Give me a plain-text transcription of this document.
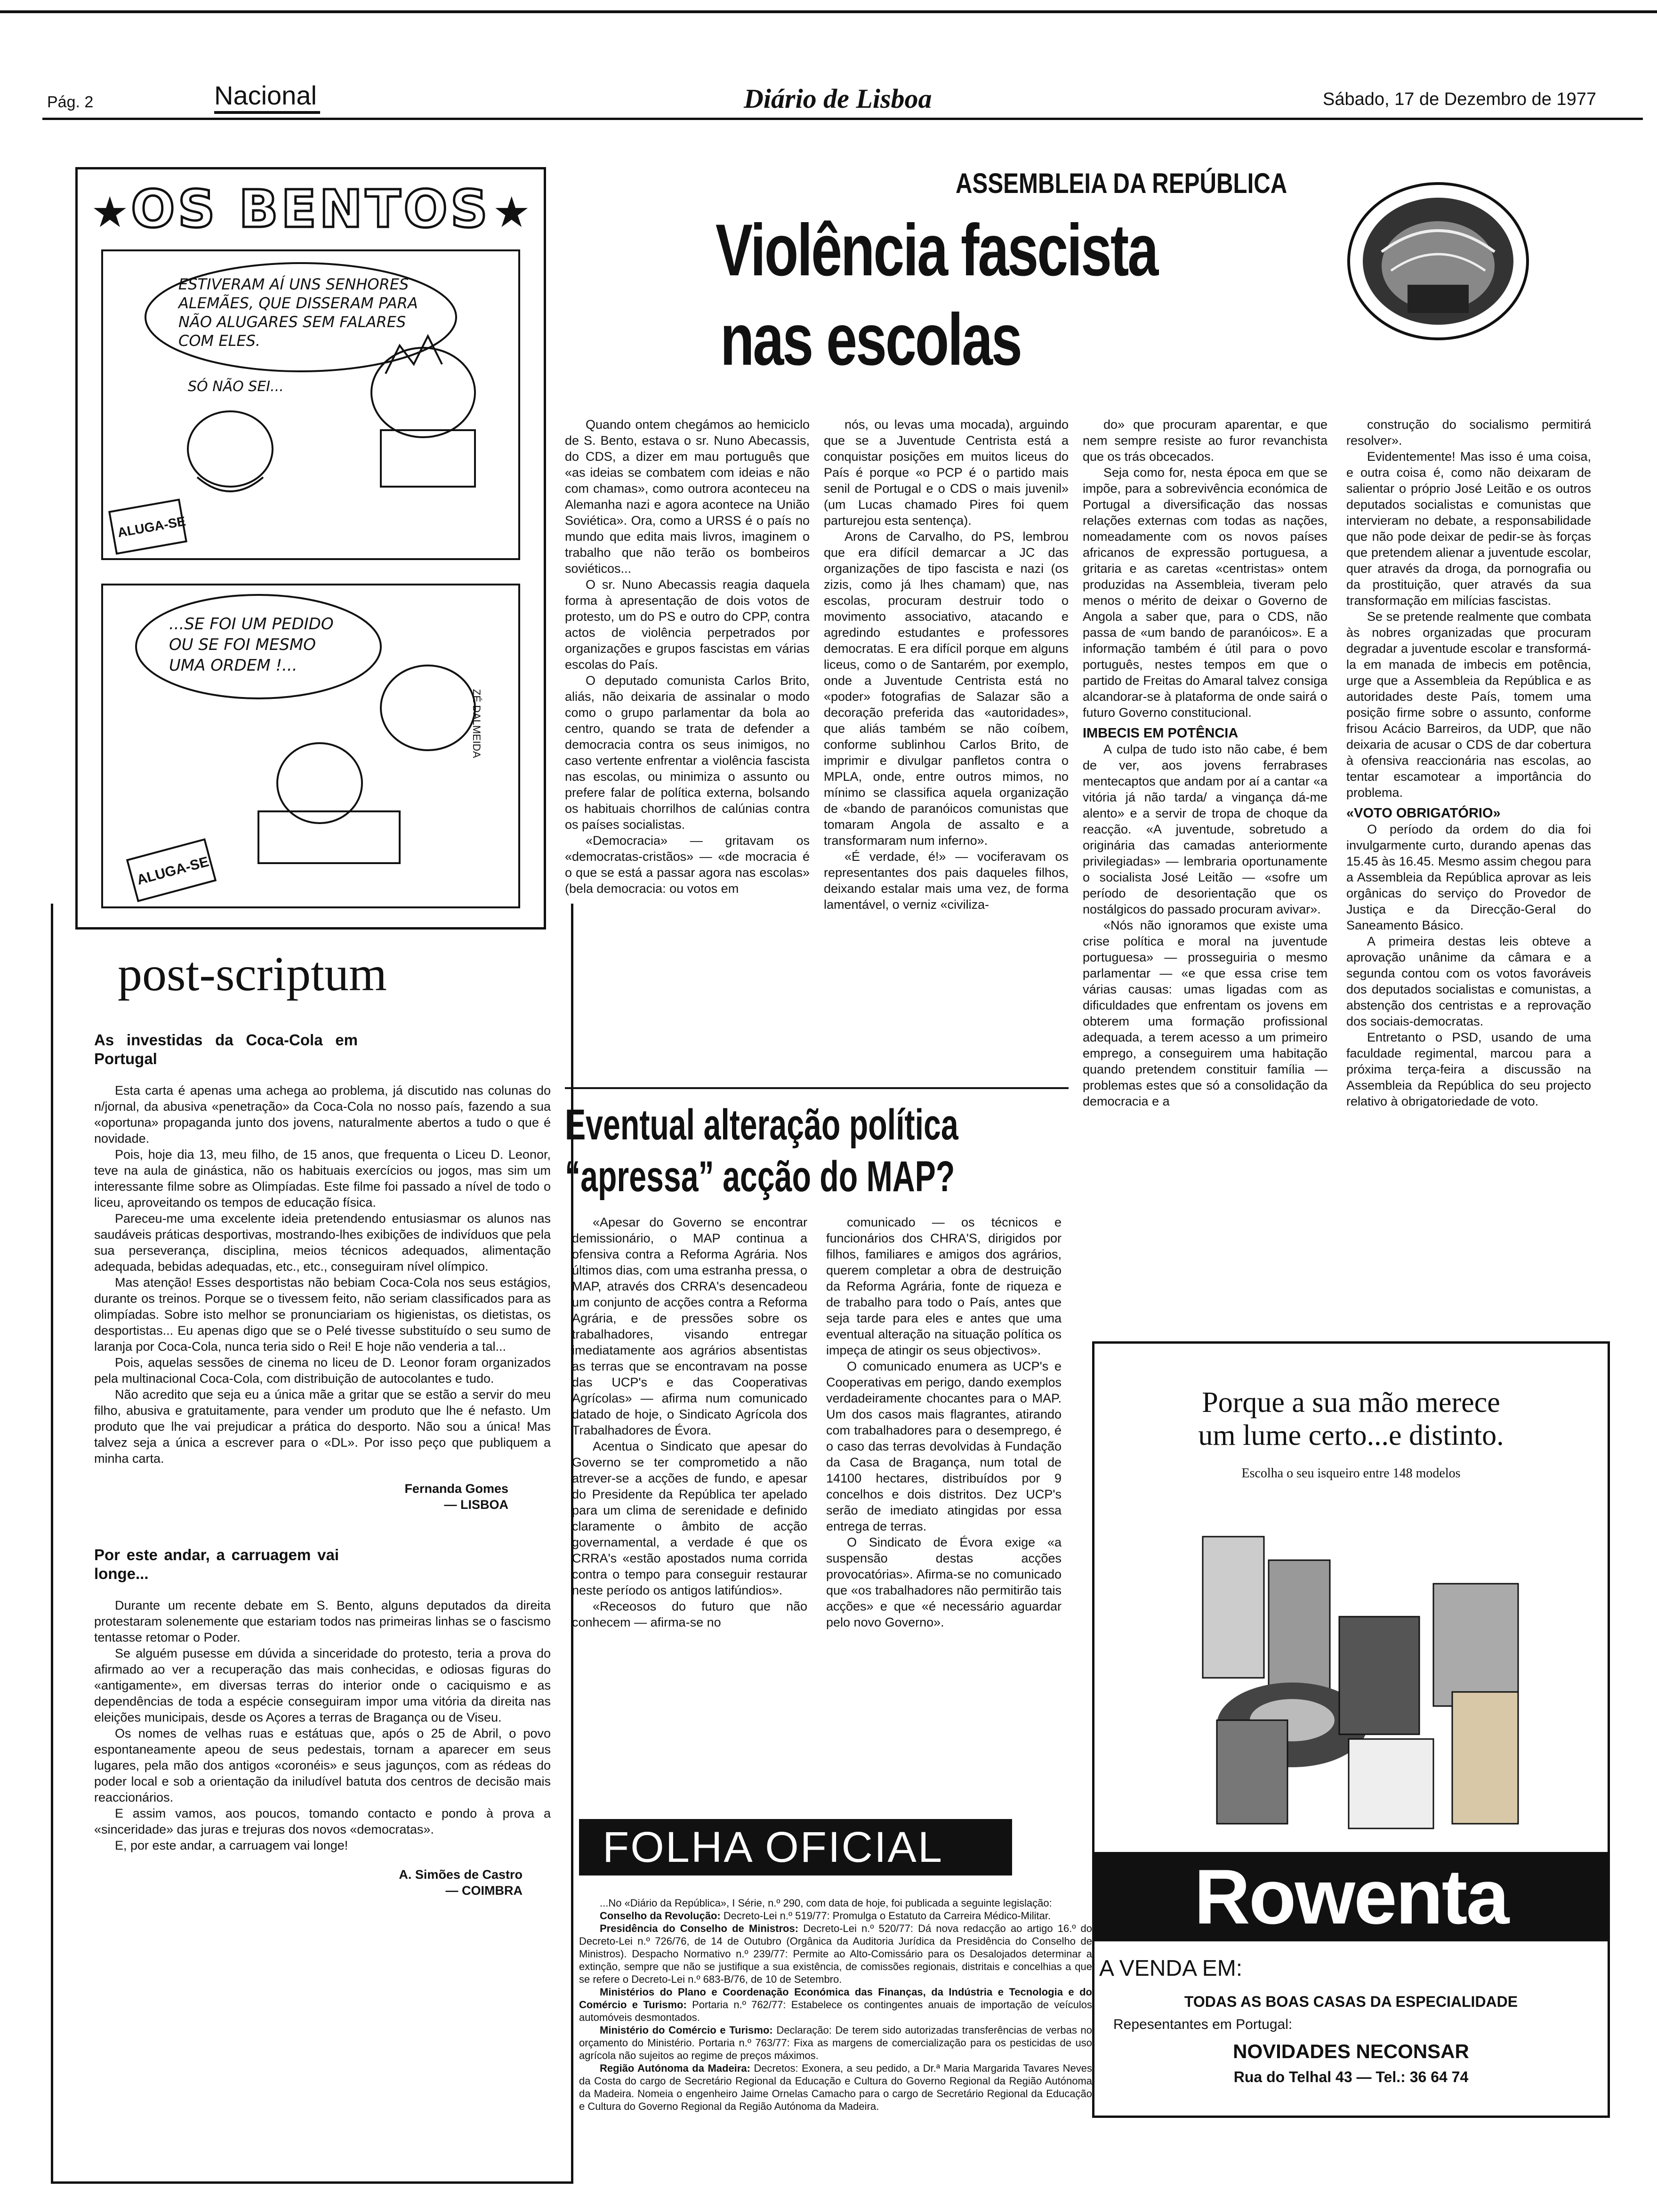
Pág. 2	Nacional	Diário de Lisboa	Sábado, 17 de Dezembro de 1977
★ OS BENTOS ★
ESTIVERAM AÍ UNS SENHORES ALEMÃES, QUE DISSERAM PARA NÃO ALUGARES SEM FALARES COM ELES.
SÓ NÃO SEI...
ALUGA-SE
...SE FOI UM PEDIDO OU SE FOI MESMO UMA ORDEM !...
ALUGA-SE
ZÉ DALMEIDA
post-scriptum
As investidas da Coca-Cola em Portugal

Esta carta é apenas uma achega ao problema, já discutido nas colunas do n/jornal, da abusiva «penetração» da Coca-Cola no nosso país, fazendo a sua «oportuna» propaganda junto dos jovens, naturalmente abertos a tudo o que é novidade.

Pois, hoje dia 13, meu filho, de 15 anos, que frequenta o Liceu D. Leonor, teve na aula de ginástica, não os habituais exercícios ou jogos, mas sim um interessante filme sobre as Olimpíadas. Este filme foi passado a nível de todo o liceu, aproveitando os tempos de educação física.

Pareceu-me uma excelente ideia pretendendo entusiasmar os alunos nas saudáveis práticas desportivas, mostrando-lhes exibições de indivíduos que pela sua perseverança, disciplina, meios técnicos adequados, alimentação adequada, bebidas adequadas, etc., etc., conseguiram nível olímpico.

Mas atenção! Esses desportistas não bebiam Coca-Cola nos seus estágios, durante os treinos. Porque se o tivessem feito, não seriam classificados para as olimpíadas. Sobre isto melhor se pronunciariam os higienistas, os dietistas, os desportistas... Eu apenas digo que se o Pelé tivesse substituído o seu sumo de laranja por Coca-Cola, nunca teria sido o Rei! E hoje não venderia a tal...

Pois, aquelas sessões de cinema no liceu de D. Leonor foram organizados pela multinacional Coca-Cola, com distribuição de autocolantes e tudo.

Não acredito que seja eu a única mãe a gritar que se estão a servir do meu filho, abusiva e gratuitamente, para vender um produto que lhe é nefasto. Um produto que lhe vai prejudicar a prática do desporto. Não sou a única! Mas talvez seja a única a escrever para o «DL». Por isso peço que publiquem a minha carta.

Fernanda Gomes
— LISBOA
Por este andar, a carruagem vai longe...

Durante um recente debate em S. Bento, alguns deputados da direita protestaram solenemente que estariam todos nas primeiras linhas se o fascismo tentasse retomar o Poder.

Se alguém pusesse em dúvida a sinceridade do protesto, teria a prova do afirmado ao ver a recuperação das mais conhecidas, e odiosas figuras do «antigamente», em diversas terras do interior onde o caciquismo e as dependências de toda a espécie conseguiram impor uma vitória da direita nas eleições municipais, desde os Açores a terras de Bragança ou de Viseu.

Os nomes de velhas ruas e estátuas que, após o 25 de Abril, o povo espontaneamente apeou de seus pedestais, tornam a aparecer em seus lugares, pela mão dos antigos «coronéis» e seus jagunços, com as rédeas do poder local e sob a orientação da iniludível batuta dos centros de decisão mais reaccionários.

E assim vamos, aos poucos, tomando contacto e pondo à prova a «sinceridade» das juras e trejuras dos novos «democratas».

E, por este andar, a carruagem vai longe!

A. Simões de Castro
— COIMBRA
ASSEMBLEIA DA REPÚBLICA
Violência fascista
nas escolas

Quando ontem chegámos ao hemiciclo de S. Bento, estava o sr. Nuno Abecassis, do CDS, a dizer em mau português que «as ideias se combatem com ideias e não com chamas», como outrora aconteceu na Alemanha nazi e agora acontece na União Soviética». Ora, como a URSS é o país no mundo que edita mais livros, imaginem o trabalho que não terão os bombeiros soviéticos...

O sr. Nuno Abecassis reagia daquela forma à apresentação de dois votos de protesto, um do PS e outro do CPP, contra actos de violência perpetrados por organizações e grupos fascistas em várias escolas do País.

O deputado comunista Carlos Brito, aliás, não deixaria de assinalar o modo como o grupo parlamentar da bola ao centro, quando se trata de defender a democracia contra os seus inimigos, no caso vertente enfrentar a violência fascista nas escolas, ou minimiza o assunto ou prefere falar de política externa, bolsando os habituais chorrilhos de calúnias contra os países socialistas.

«Democracia» — gritavam os «democratas-cristãos» — «de mocracia é o que se está a passar agora nas escolas» (bela democracia: ou votos em

nós, ou levas uma mocada), arguindo que se a Juventude Centrista está a conquistar posições em muitos liceus do País é porque «o PCP é o partido mais senil de Portugal e o CDS o mais juvenil» (um Lucas chamado Pires foi quem parturejou esta sentença).

Arons de Carvalho, do PS, lembrou que era difícil demarcar a JC das organizações de tipo fascista e nazi (os zizis, como já lhes chamam) que, nas escolas, procuram destruir todo o movimento associativo, atacando e agredindo estudantes e professores democratas. E era difícil porque em alguns liceus, como o de Santarém, por exemplo, onde a Juventude Centrista está no «poder» fotografias de Salazar são a decoração preferida das «autoridades», que aliás também se não coíbem, conforme sublinhou Carlos Brito, de imprimir e divulgar panfletos contra o MPLA, onde, entre outros mimos, no mínimo se classifica aquela organização de «bando de paranóicos comunistas que tomaram Angola de assalto e a transformaram num inferno».

«É verdade, é!» — vociferavam os representantes dos pais daqueles filhos, deixando estalar mais uma vez, de forma lamentável, o verniz «civiliza-

do» que procuram aparentar, e que nem sempre resiste ao furor revanchista que os trás obcecados.

Seja como for, nesta época em que se impõe, para a sobrevivência económica de Portugal a diversificação das nossas relações externas com todas as nações, nomeadamente com os novos países africanos de expressão portuguesa, a gritaria e as caretas «centristas» ontem produzidas na Assembleia, tiveram pelo menos o mérito de deixar o Governo de Angola a saber que, para o CDS, não passa de «um bando de paranóicos». E a informação também é útil para o povo português, nestes tempos em que o partido de Freitas do Amaral talvez consiga alcandorar-se à plataforma de onde sairá o futuro Governo constitucional.

IMBECIS EM POTÊNCIA

A culpa de tudo isto não cabe, é bem de ver, aos jovens ferrabrases mentecaptos que andam por aí a cantar «a vitória já não tarda/ a vingança dá-me alento» e a servir de tropa de choque da reacção. «A juventude, sobretudo a originária das camadas anteriormente privilegiadas» — lembraria oportunamente o socialista José Leitão — «sofre um período de desorientação que os nostálgicos do passado procuram avivar».

«Nós não ignoramos que existe uma crise política e moral na juventude portuguesa» — prosseguiria o mesmo parlamentar — «e que essa crise tem várias causas: umas ligadas com as dificuldades que enfrentam os jovens em obterem uma formação profissional adequada, a terem acesso a um primeiro emprego, a conseguirem uma habitação quando pretendem constituir família — problemas estes que só a consolidação da democracia e a

construção do socialismo permitirá resolver».

Evidentemente! Mas isso é uma coisa, e outra coisa é, como não deixaram de salientar o próprio José Leitão e os outros deputados socialistas e comunistas que intervieram no debate, a responsabilidade que não pode deixar de pedir-se às forças que pretendem alienar a juventude escolar, quer através da droga, da pornografia ou da prostituição, quer através da sua transformação em milícias fascistas.

Se se pretende realmente que combata às nobres organizadas que procuram degradar a juventude escolar e transformá-la em manada de imbecis em potência, urge que a Assembleia da República e as autoridades deste País, tomem uma posição firme sobre o assunto, conforme frisou Acácio Barreiros, da UDP, que não deixaria de acusar o CDS de dar cobertura à ofensiva reaccionária nas escolas, ao tentar escamotear a importância do problema.

«VOTO OBRIGATÓRIO»

O período da ordem do dia foi invulgarmente curto, durando apenas das 15.45 às 16.45. Mesmo assim chegou para a Assembleia da República aprovar as leis orgânicas do serviço do Provedor de Justiça e da Direcção-Geral do Saneamento Básico.

A primeira destas leis obteve a aprovação unânime da câmara e a segunda contou com os votos favoráveis dos deputados socialistas e comunistas, a abstenção dos centristas e a reprovação dos sociais-democratas.

Entretanto o PSD, usando de uma faculdade regimental, marcou para a próxima terça-feira a discussão na Assembleia da República do seu projecto relativo à obrigatoriedade de voto.

Eventual alteração política
“apressa” acção do MAP?

«Apesar do Governo se encontrar demissionário, o MAP continua a ofensiva contra a Reforma Agrária. Nos últimos dias, com uma estranha pressa, o MAP, através dos CRRA's desencadeou um conjunto de acções contra a Reforma Agrária, e de pressões sobre os trabalhadores, visando entregar imediatamente aos agrários absentistas as terras que se encontravam na posse das UCP's e das Cooperativas Agrícolas» — afirma num comunicado datado de hoje, o Sindicato Agrícola dos Trabalhadores de Évora.

Acentua o Sindicato que apesar do Governo se ter comprometido a não atrever-se a acções de fundo, e apesar do Presidente da República ter apelado para um clima de serenidade e definido claramente o âmbito de acção governamental, a verdade é que os CRRA's «estão apostados numa corrida contra o tempo para conseguir restaurar neste período os antigos latifúndios».

«Receosos do futuro que não conhecem — afirma-se no

comunicado — os técnicos e funcionários dos CHRA'S, dirigidos por filhos, familiares e amigos dos agrários, querem completar a obra de destruição da Reforma Agrária, fonte de riqueza e de trabalho para todo o País, antes que seja tarde para eles e antes que uma eventual alteração na situação política os impeça de atingir os seus objectivos».

O comunicado enumera as UCP's e Cooperativas em perigo, dando exemplos verdadeiramente chocantes para o MAP. Um dos casos mais flagrantes, atirando com trabalhadores para o desemprego, é o caso das terras devolvidas à Fundação da Casa de Bragança, num total de 14100 hectares, distribuídos por 9 concelhos e dois distritos. Dez UCP's serão de imediato atingidas por essa entrega de terras.

O Sindicato de Évora exige «a suspensão destas acções provocatórias». Afirma-se no comunicado que «os trabalhadores não permitirão tais acções» e que «é necessário aguardar pelo novo Governo».

FOLHA OFICIAL

...No «Diário da República», I Série, n.º 290, com data de hoje, foi publicada a seguinte legislação:

Conselho da Revolução: Decreto-Lei n.º 519/77: Promulga o Estatuto da Carreira Médico-Militar.

Presidência do Conselho de Ministros: Decreto-Lei n.º 520/77: Dá nova redacção ao artigo 16.º do Decreto-Lei n.º 726/76, de 14 de Outubro (Orgânica da Auditoria Jurídica da Presidência do Conselho de Ministros). Despacho Normativo n.º 239/77: Permite ao Alto-Comissário para os Desalojados determinar a extinção, sempre que não se justifique a sua existência, de comissões regionais, distritais e concelhias a que se refere o Decreto-Lei n.º 683-B/76, de 10 de Setembro.

Ministérios do Plano e Coordenação Económica das Finanças, da Indústria e Tecnologia e do Comércio e Turismo: Portaria n.º 762/77: Estabelece os contingentes anuais de importação de veículos automóveis desmontados.

Ministério do Comércio e Turismo: Declaração: De terem sido autorizadas transferências de verbas no orçamento do Ministério. Portaria n.º 763/77: Fixa as margens de comercialização para os pesticidas de uso agrícola não sujeitos ao regime de preços máximos.

Região Autónoma da Madeira: Decretos: Exonera, a seu pedido, a Dr.ª Maria Margarida Tavares Neves da Costa do cargo de Secretário Regional da Educação e Cultura do Governo Regional da Região Autónoma da Madeira. Nomeia o engenheiro Jaime Ornelas Camacho para o cargo de Secretário Regional da Educação e Cultura do Governo Regional da Região Autónoma da Madeira.

Porque a sua mão merece
um lume certo...e distinto.
Escolha o seu isqueiro entre 148 modelos
Rowenta
A VENDA EM:
TODAS AS BOAS CASAS DA ESPECIALIDADE
Repesentantes em Portugal:
NOVIDADES NECONSAR
Rua do Telhal 43 — Tel.: 36 64 74
